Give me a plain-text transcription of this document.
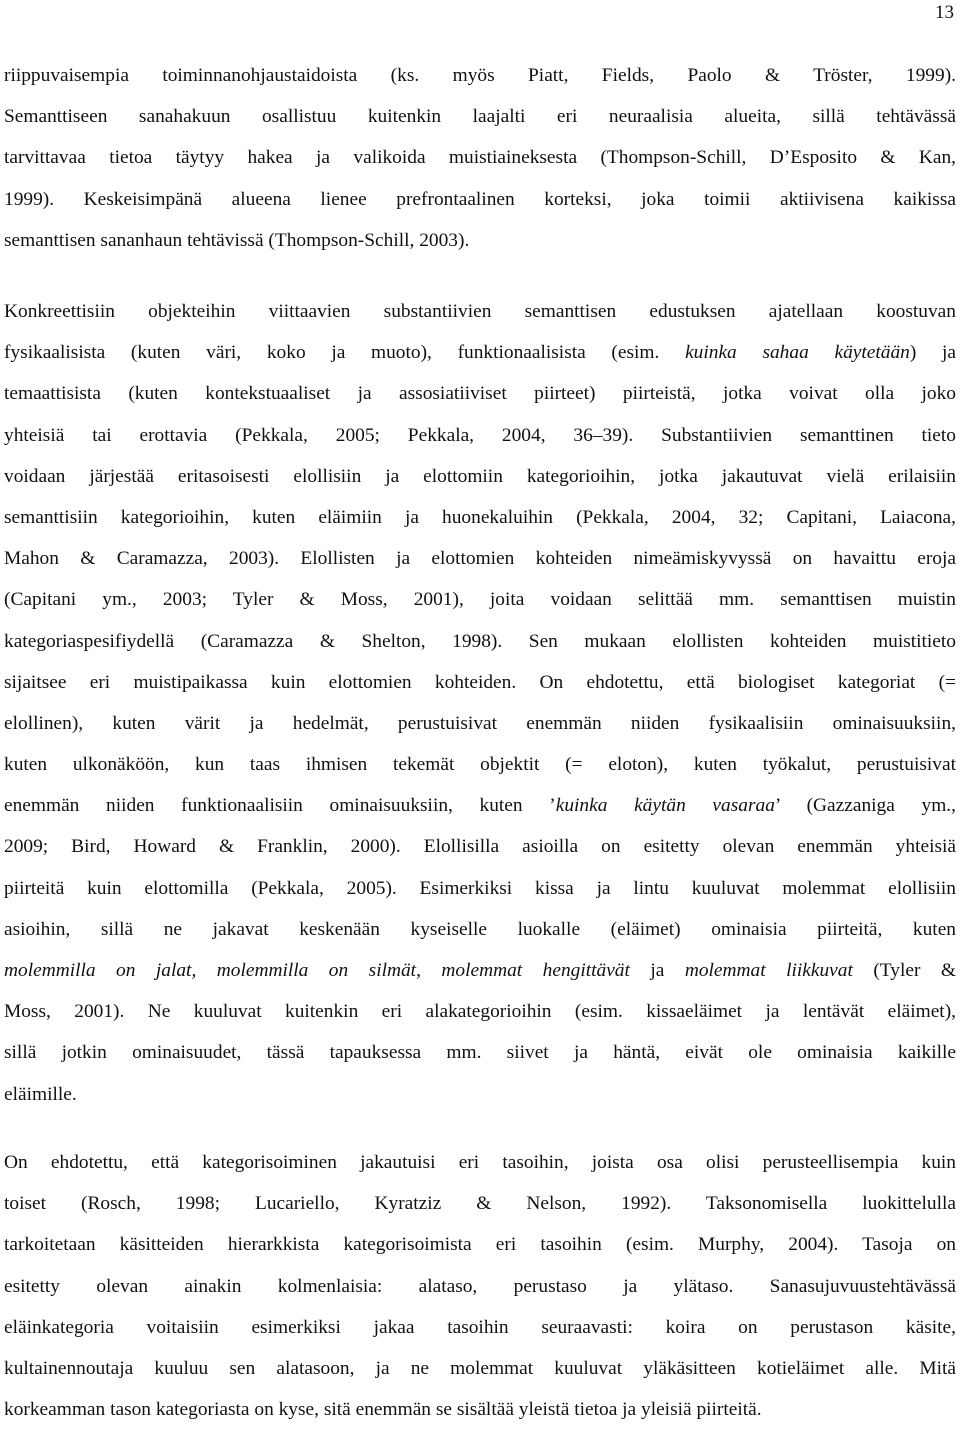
13
riippuvaisempia toiminnanohjaustaidoista (ks. myös Piatt, Fields, Paolo & Tröster, 1999).
Semanttiseen sanahakuun osallistuu kuitenkin laajalti eri neuraalisia alueita, sillä tehtävässä
tarvittavaa tietoa täytyy hakea ja valikoida muistiaineksesta (Thompson-Schill, D’Esposito & Kan,
1999). Keskeisimpänä alueena lienee prefrontaalinen korteksi, joka toimii aktiivisena kaikissa
semanttisen sananhaun tehtävissä (Thompson-Schill, 2003).
Konkreettisiin objekteihin viittaavien substantiivien semanttisen edustuksen ajatellaan koostuvan
fysikaalisista (kuten väri, koko ja muoto), funktionaalisista (esim. kuinka sahaa käytetään) ja
temaattisista (kuten kontekstuaaliset ja assosiatiiviset piirteet) piirteistä, jotka voivat olla joko
yhteisiä tai erottavia (Pekkala, 2005; Pekkala, 2004, 36–39). Substantiivien semanttinen tieto
voidaan järjestää eritasoisesti elollisiin ja elottomiin kategorioihin, jotka jakautuvat vielä erilaisiin
semanttisiin kategorioihin, kuten eläimiin ja huonekaluihin (Pekkala, 2004, 32; Capitani, Laiacona,
Mahon & Caramazza, 2003). Elollisten ja elottomien kohteiden nimeämiskyvyssä on havaittu eroja
(Capitani ym., 2003; Tyler & Moss, 2001), joita voidaan selittää mm. semanttisen muistin
kategoriaspesifiydellä (Caramazza & Shelton, 1998). Sen mukaan elollisten kohteiden muistitieto
sijaitsee eri muistipaikassa kuin elottomien kohteiden. On ehdotettu, että biologiset kategoriat (=
elollinen), kuten värit ja hedelmät, perustuisivat enemmän niiden fysikaalisiin ominaisuuksiin,
kuten ulkonäköön, kun taas ihmisen tekemät objektit (= eloton), kuten työkalut, perustuisivat
enemmän niiden funktionaalisiin ominaisuuksiin, kuten ’kuinka käytän vasaraa’ (Gazzaniga ym.,
2009; Bird, Howard & Franklin, 2000). Elollisilla asioilla on esitetty olevan enemmän yhteisiä
piirteitä kuin elottomilla (Pekkala, 2005). Esimerkiksi kissa ja lintu kuuluvat molemmat elollisiin
asioihin, sillä ne jakavat keskenään kyseiselle luokalle (eläimet) ominaisia piirteitä, kuten
molemmilla on jalat, molemmilla on silmät, molemmat hengittävät ja molemmat liikkuvat (Tyler &
Moss, 2001). Ne kuuluvat kuitenkin eri alakategorioihin (esim. kissaeläimet ja lentävät eläimet),
sillä jotkin ominaisuudet, tässä tapauksessa mm. siivet ja häntä, eivät ole ominaisia kaikille
eläimille.
On ehdotettu, että kategorisoiminen jakautuisi eri tasoihin, joista osa olisi perusteellisempia kuin
toiset (Rosch, 1998; Lucariello, Kyratziz & Nelson, 1992). Taksonomisella luokittelulla
tarkoitetaan käsitteiden hierarkkista kategorisoimista eri tasoihin (esim. Murphy, 2004). Tasoja on
esitetty olevan ainakin kolmenlaisia: alataso, perustaso ja ylätaso. Sanasujuvuustehtävässä
eläinkategoria voitaisiin esimerkiksi jakaa tasoihin seuraavasti: koira on perustason käsite,
kultainennoutaja kuuluu sen alatasoon, ja ne molemmat kuuluvat yläkäsitteen kotieläimet alle. Mitä
korkeamman tason kategoriasta on kyse, sitä enemmän se sisältää yleistä tietoa ja yleisiä piirteitä.
